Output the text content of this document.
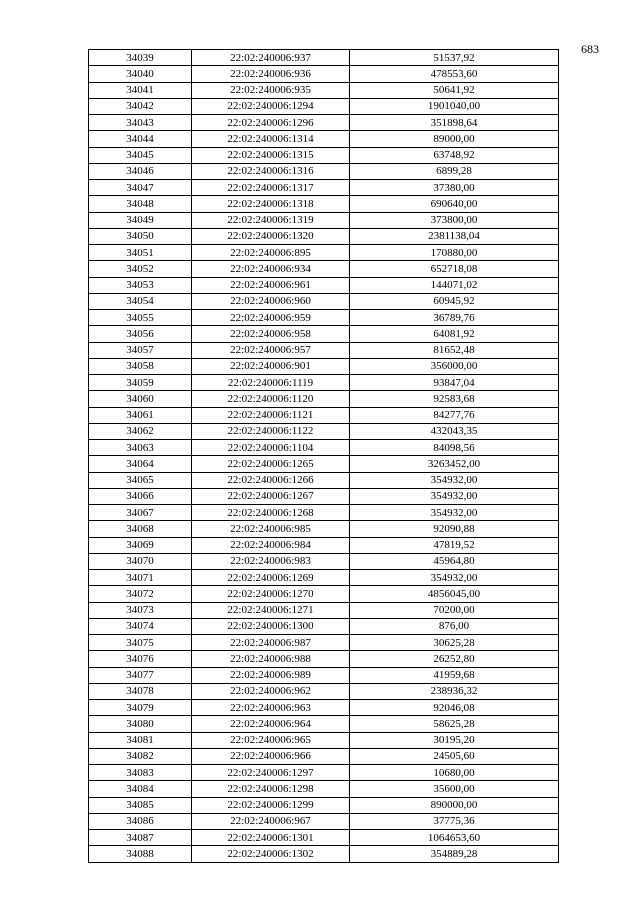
683
34039	22:02:240006:937	51537,92
34040	22:02:240006:936	478553,60
34041	22:02:240006:935	50641,92
34042	22:02:240006:1294	1901040,00
34043	22:02:240006:1296	351898,64
34044	22:02:240006:1314	89000,00
34045	22:02:240006:1315	63748,92
34046	22:02:240006:1316	6899,28
34047	22:02:240006:1317	37380,00
34048	22:02:240006:1318	690640,00
34049	22:02:240006:1319	373800,00
34050	22:02:240006:1320	2381138,04
34051	22:02:240006:895	170880,00
34052	22:02:240006:934	652718,08
34053	22:02:240006:961	144071,02
34054	22:02:240006:960	60945,92
34055	22:02:240006:959	36789,76
34056	22:02:240006:958	64081,92
34057	22:02:240006:957	81652,48
34058	22:02:240006:901	356000,00
34059	22:02:240006:1119	93847,04
34060	22:02:240006:1120	92583,68
34061	22:02:240006:1121	84277,76
34062	22:02:240006:1122	432043,35
34063	22:02:240006:1104	84098,56
34064	22:02:240006:1265	3263452,00
34065	22:02:240006:1266	354932,00
34066	22:02:240006:1267	354932,00
34067	22:02:240006:1268	354932,00
34068	22:02:240006:985	92090,88
34069	22:02:240006:984	47819,52
34070	22:02:240006:983	45964,80
34071	22:02:240006:1269	354932,00
34072	22:02:240006:1270	4856045,00
34073	22:02:240006:1271	70200,00
34074	22:02:240006:1300	876,00
34075	22:02:240006:987	30625,28
34076	22:02:240006:988	26252,80
34077	22:02:240006:989	41959,68
34078	22:02:240006:962	238936,32
34079	22:02:240006:963	92046,08
34080	22:02:240006:964	58625,28
34081	22:02:240006:965	30195,20
34082	22:02:240006:966	24505,60
34083	22:02:240006:1297	10680,00
34084	22:02:240006:1298	35600,00
34085	22:02:240006:1299	890000,00
34086	22:02:240006:967	37775,36
34087	22:02:240006:1301	1064653,60
34088	22:02:240006:1302	354889,28
